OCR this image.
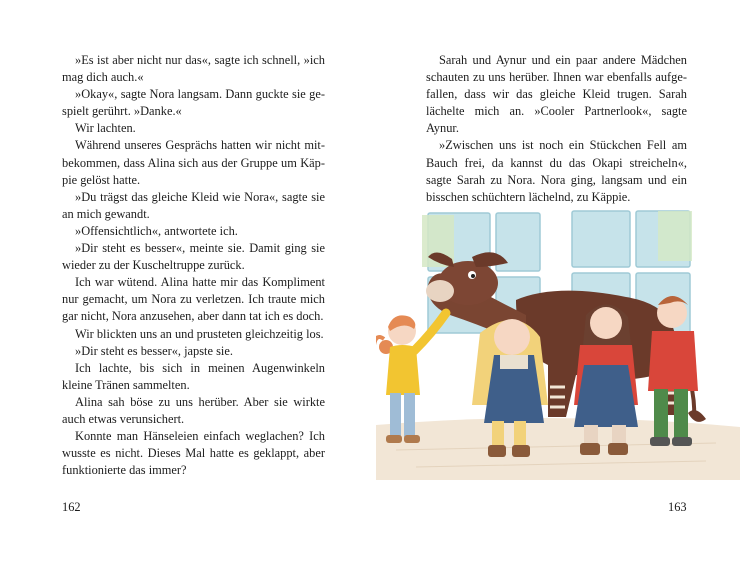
»Es ist aber nicht nur das«, sagte ich schnell, »ich mag dich auch.«

»Okay«, sagte Nora langsam. Dann guckte sie gespielt gerührt. »Danke.«

Wir lachten.

Während unseres Gesprächs hatten wir nicht mitbekommen, dass Alina sich aus der Gruppe um Käppie gelöst hatte.

»Du trägst das gleiche Kleid wie Nora«, sagte sie an mich gewandt.

»Offensichtlich«, antwortete ich.

»Dir steht es besser«, meinte sie. Damit ging sie wieder zu der Kuscheltruppe zurück.

Ich war wütend. Alina hatte mir das Kompliment nur gemacht, um Nora zu verletzen. Ich traute mich gar nicht, Nora anzusehen, aber dann tat ich es doch.

Wir blickten uns an und prusteten gleichzeitig los.

»Dir steht es besser«, japste sie.

Ich lachte, bis sich in meinen Augenwinkeln kleine Tränen sammelten.

Alina sah böse zu uns herüber. Aber sie wirkte auch etwas verunsichert.

Konnte man Hänseleien einfach weglachen? Ich wusste es nicht. Dieses Mal hatte es geklappt, aber funktionierte das immer?

162

Sarah und Aynur und ein paar andere Mädchen schauten zu uns herüber. Ihnen war ebenfalls aufgefallen, dass wir das gleiche Kleid trugen. Sarah lächelte mich an. »Cooler Partnerlook«, sagte Aynur.

»Zwischen uns ist noch ein Stückchen Fell am Bauch frei, da kannst du das Okapi streicheln«, sagte Sarah zu Nora. Nora ging, langsam und ein bisschen schüchtern lächelnd, zu Käppie.

163
